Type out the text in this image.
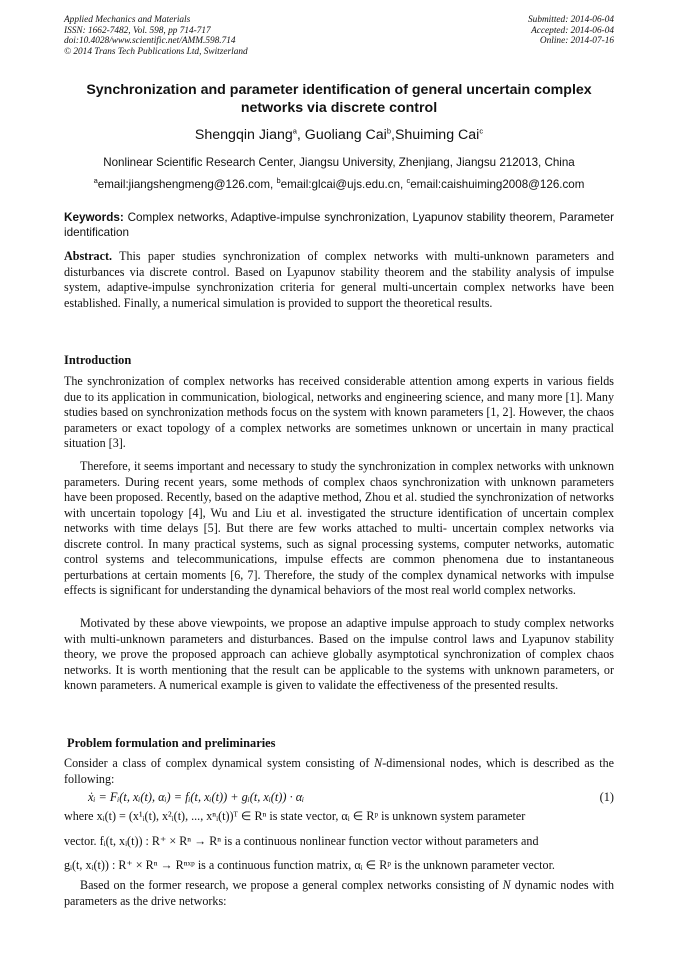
Applied Mechanics and Materials
ISSN: 1662-7482, Vol. 598, pp 714-717
doi:10.4028/www.scientific.net/AMM.598.714
© 2014 Trans Tech Publications Ltd, Switzerland
Submitted: 2014-06-04
Accepted: 2014-06-04
Online: 2014-07-16
Synchronization and parameter identification of general uncertain complex networks via discrete control
Shengqin Jiang$^a$, Guoliang Cai$^b$,Shuiming Cai$^c$
Nonlinear Scientific Research Center, Jiangsu University, Zhenjiang, Jiangsu 212013, China
$^a$email:jiangshengmeng@126.com, $^b$email:glcai@ujs.edu.cn, $^c$email:caishuiming2008@126.com
Keywords: Complex networks, Adaptive-impulse synchronization, Lyapunov stability theorem, Parameter identification
Abstract. This paper studies synchronization of complex networks with multi-unknown parameters and disturbances via discrete control. Based on Lyapunov stability theorem and the stability analysis of impulse system, adaptive-impulse synchronization criteria for general multi-uncertain complex networks have been established. Finally, a numerical simulation is provided to support the theoretical results.
Introduction
The synchronization of complex networks has received considerable attention among experts in various fields due to its application in communication, biological, networks and engineering science, and many more [1]. Many studies based on synchronization methods focus on the system with known parameters [1, 2]. However, the chaos parameters or exact topology of a complex networks are sometimes unknown or uncertain in many practical situation [3].
Therefore, it seems important and necessary to study the synchronization in complex networks with unknown parameters. During recent years, some methods of complex chaos synchronization with unknown parameters have been proposed. Recently, based on the adaptive method, Zhou et al. studied the synchronization of networks with uncertain topology [4], Wu and Liu et al. investigated the structure identification of uncertain complex networks with time delays [5]. But there are few works attached to multi- uncertain complex networks via discrete control. In many practical systems, such as signal processing systems, computer networks, automatic control systems and telecommunications, impulse effects are common phenomena due to instantaneous perturbations at certain moments [6, 7]. Therefore, the study of the complex dynamical networks with impulse effects is significant for understanding the dynamical behaviors of the most real world complex networks.
Motivated by these above viewpoints, we propose an adaptive impulse approach to study complex networks with multi-unknown parameters and disturbances. Based on the impulse control laws and Lyapunov stability theory, we prove the proposed approach can achieve globally asymptotical synchronization of complex chaos networks. It is worth mentioning that the result can be applicable to the systems with unknown parameters, or known parameters. A numerical example is given to validate the effectiveness of the presented results.
Problem formulation and preliminaries
Consider a class of complex dynamical system consisting of N-dimensional nodes, which is described as the following:
ẋᵢ = Fᵢ(t, xᵢ(t), αᵢ) = fᵢ(t, xᵢ(t)) + gᵢ(t, xᵢ(t)) · αᵢ	(1)
where xᵢ(t) = (x¹ᵢ(t), x²ᵢ(t), ..., xⁿᵢ(t))ᵀ ∈ Rⁿ is state vector, αᵢ ∈ Rᵖ is unknown system parameter
vector. fᵢ(t, xᵢ(t)) : R⁺ × Rⁿ → Rⁿ is a continuous nonlinear function vector without parameters and
gᵢ(t, xᵢ(t)) : R⁺ × Rⁿ → Rⁿˣᵖ is a continuous function matrix, αᵢ ∈ Rᵖ is the unknown parameter vector.
Based on the former research, we propose a general complex networks consisting of N dynamic nodes with parameters as the drive networks:
